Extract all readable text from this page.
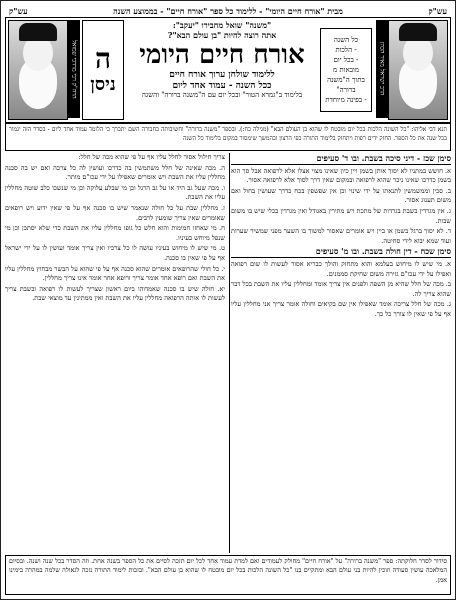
עש"ק
מבית "אורח חיים היומי" - ללימוד כל ספר "אורח חיים" - בממוצע השנה
עש"ק
הרב ישראל מאיר הכהן
כל השנה
- הלכות
- בכל יום
מובאות מ
בתוך ה"משנה
ברורה"
- בפינה מיוחדת
"משנה" שואל מחבירו "יעקב":
אתה רוצה להיות "בן עולם הבא"?
אורח חיים היומי
ללימוד שולחן ערוך אורח חיים
ככל השנה - עמוד אחד ליום
בלימוד ב"גמרא הטור" ובכל יום עם ה"משנה ברורה" והשגה
ה
ניסן
הרה"ק רבי מרדכי שמואל
תנא דבי אליהו: "כל השונה הלכות בכל יום מובטח לו שהוא בן העולם הבא" (מגילה כח:). ובספר "משנה ברורה" וחשיבותה בחבורה השם יתברך כי הלומד עמוד אחד ליום - בסדר הזה יגמור בכל שנה את כל הספר. החזק ידים רפות ויתחזק בלימוד התורה כפי הרצון ובהמשך שימסור במקום בלימוד כל השנה
סימן שכז - דיני סיכה בשבת. ובו ד' סעיפים

א. חושש במתניו לא יסוך אותן בשמן ויין כיון שאינו מצוי אצלו אלא לרפואה אבל סך הוא בשמן כדרכו שאינו ניכר שהוא לרפואה ובמקום שאין דרך לסוך אלא לרפואה אסור.

ב. סכין וממשמשין לתנאתו על ידי שינוי וכן אין שפשפין בכח כדרך שעושין בחול ואם משום תענוג אסור.

ג. אין מגרדין בשבת בגרדות של מתכת ויש מתירין באגודל ואין מגרדין בכלי שיש בו משום שבות.

ד. לא יסוך ברגל בשמן או ביין ויש אומרים שאסור למשוך בו השער מפני שמשיר שערות ועוד שמא יבוא לידי סחיטה.

סימן שכח - דין חולה בשבת. ובו מ' סעיפים

א. מי שיש לו מיחוש בעלמא והוא מתחזק והולך כבריא אסור לעשות לו שום רפואה ואפילו על ידי עכו"ם גזירה משום שחיקת סממנים.

ב. מכה של חלל שהיא מן השפה ולפנים אין צריך אומד ומחללין עליו את השבת בכל דבר שהוא צריך לה.

ג. מכה של חלל צריכה אומד שאפילו אין שם בקיאים וחולה אומר צריך אני מחללין עליו אף על פי שאין לו צורך כל כך.

צריך חילול אסור לחלל עליו אף על פי שהוא מכה של חלל:

ה. מכה שאינה של חלל משתמשין בה כדרכו ועושין לה כל צרכה ואם יש בה סכנה מחללין עליו את השבת ויש אומרים שאפילו על ידי עכו"ם מותר.

ו. מכה שעל גב היד או על גב הרגל וכן מי שבלע עלוקה וכן מי שנשכו כלב שוטה מחללין עליו את השבת.

ז. מחללין שבת על כל חולה שנאמר שיש בו סכנה אף על פי שאין ידוע ויש רופאים שאומרים שאין צריך שומעין לרבים.

ח. מי שאחזו חמימות והוא חלש כל גופו מחללין עליו את השבת כדי שלא יסתכן וכן מי שנפל מיוחש בעיניו.

ט. מי שיש לו מיחוש בעיניו עושה לו כל צרכיו ואין צריך אומד ועושין לו על ידי ישראל אף על פי שאין בו סכנה.

י. כל חולי שהרופאים אומרים שהוא סכנה אף על פי שהוא על הבשר מבחוץ מחללין עליו את השבת ואם רופא אחד אומר צריך ורופא אחר אומר אינו צריך מחללין.

יא. חולה שיש בו סכנה שאמדוהו ביום ראשון שצריך לעשות לו רפואה ובשבת צריך לעשות לו אותה הרפואה מחללין עליו את השבת ואין ממתינין עד מוצאי שבת.

סידור לסדר חלוקתה: ספר "משנה ברורה" על "אורח חיים" מחולק לעמודים ואם למדת עמוד אחד לכל יום תזכה לסיים את כל הספר בשנה אחת. וזה הסדר בכל שנה ושנה. ובסיום המלאכה עושין סעודה וזוכין להיות בני עולם הבא ומתקיים בנו "כל השונה הלכות בכל יום מובטח לו שהוא בן עולם הבא". ובזכות לימוד התורה נזכה לגאולה שלמה במהרה בימינו אמן.
